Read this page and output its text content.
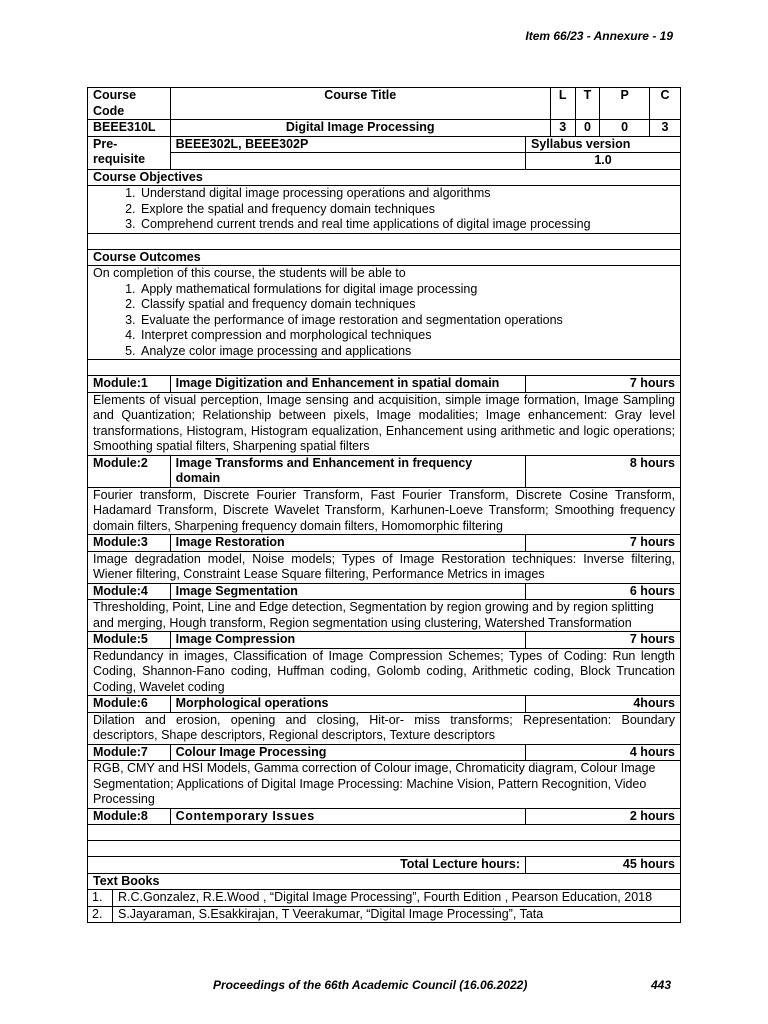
Item 66/23 - Annexure - 19
Course Code	Course Title	L	T	P	C
BEEE310L	Digital Image Processing	3	0	0	3
Pre-requisite	BEEE302L, BEEE302P	Syllabus version
	1.0
Course Objectives

1. Understand digital image processing operations and algorithms
2. Explore the spatial and frequency domain techniques
3. Comprehend current trends and real time applications of digital image processing

Course Outcomes

On completion of this course, the students will be able to
1. Apply mathematical formulations for digital image processing
2. Classify spatial and frequency domain techniques
3. Evaluate the performance of image restoration and segmentation operations
4. Interpret compression and morphological techniques
5. Analyze color image processing and applications

Module:1	Image Digitization and Enhancement in spatial domain	7 hours
Elements of visual perception, Image sensing and acquisition, simple image formation, Image Sampling and Quantization; Relationship between pixels, Image modalities; Image enhancement: Gray level transformations, Histogram, Histogram equalization, Enhancement using arithmetic and logic operations; Smoothing spatial filters, Sharpening spatial filters
Module:2	Image Transforms and Enhancement in frequency domain	8 hours
Fourier transform, Discrete Fourier Transform, Fast Fourier Transform, Discrete Cosine Transform, Hadamard Transform, Discrete Wavelet Transform, Karhunen-Loeve Transform; Smoothing frequency domain filters, Sharpening frequency domain filters, Homomorphic filtering
Module:3	Image Restoration	7 hours
Image degradation model, Noise models; Types of Image Restoration techniques: Inverse filtering, Wiener filtering, Constraint Lease Square filtering, Performance Metrics in images
Module:4	Image Segmentation	6 hours
Thresholding, Point, Line and Edge detection, Segmentation by region growing and by region splitting and merging, Hough transform, Region segmentation using clustering, Watershed Transformation
Module:5	Image Compression	7 hours
Redundancy in images, Classification of Image Compression Schemes; Types of Coding: Run length Coding, Shannon-Fano coding, Huffman coding, Golomb coding, Arithmetic coding, Block Truncation Coding, Wavelet coding
Module:6	Morphological operations	4hours
Dilation and erosion, opening and closing, Hit-or- miss transforms; Representation: Boundary descriptors, Shape descriptors, Regional descriptors, Texture descriptors
Module:7	Colour Image Processing	4 hours
RGB, CMY and HSI Models, Gamma correction of Colour image, Chromaticity diagram, Colour Image Segmentation; Applications of Digital Image Processing: Machine Vision, Pattern Recognition, Video Processing
Module:8	Contemporary Issues	2 hours

Total Lecture hours:	45 hours
Text Books

1.	R.C.Gonzalez, R.E.Wood , “Digital Image Processing”, Fourth Edition , Pearson Education, 2018
2.	S.Jayaraman, S.Esakkirajan, T Veerakumar, “Digital Image Processing”, Tata
Proceedings of the 66th Academic Council (16.06.2022)	443
